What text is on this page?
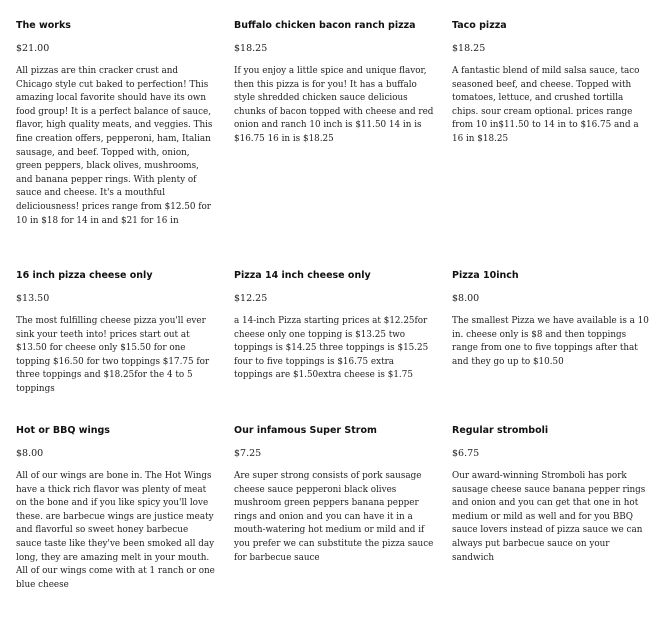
The works
$21.00
All pizzas are thin cracker crust and Chicago style cut baked to perfection! This amazing local favorite should have its own food group! It is a perfect balance of sauce, flavor, high quality meats, and veggies. This fine creation offers, pepperoni, ham, Italian sausage, and beef. Topped with, onion, green peppers, black olives, mushrooms, and banana pepper rings. With plenty of sauce and cheese. It's a mouthful deliciousness! prices range from $12.50 for 10 in $18 for 14 in and $21 for 16 in
Buffalo chicken bacon ranch pizza
$18.25
If you enjoy a little spice and unique flavor, then this pizza is for you! It has a buffalo style shredded chicken sauce delicious chunks of bacon topped with cheese and red onion and ranch 10 inch is $11.50 14 in is $16.75 16 in is $18.25
Taco pizza
$18.25
A fantastic blend of mild salsa sauce, taco seasoned beef, and cheese. Topped with tomatoes, lettuce, and crushed tortilla chips. sour cream optional. prices range from 10 in$11.50 to 14 in to $16.75 and a 16 in $18.25
16 inch pizza cheese only
$13.50
The most fulfilling cheese pizza you'll ever sink your teeth into! prices start out at $13.50 for cheese only $15.50 for one topping $16.50 for two toppings $17.75 for three toppings and $18.25for the 4 to 5 toppings
Pizza 14 inch cheese only
$12.25
a 14-inch Pizza starting prices at $12.25for cheese only one topping is $13.25 two toppings is $14.25 three toppings is $15.25 four to five toppings is $16.75 extra toppings are $1.50extra cheese is $1.75
Pizza 10inch
$8.00
The smallest Pizza we have available is a 10 in. cheese only is $8 and then toppings range from one to five toppings after that and they go up to $10.50
Hot or BBQ wings
$8.00
All of our wings are bone in. The Hot Wings have a thick rich flavor was plenty of meat on the bone and if you like spicy you'll love these. are barbecue wings are justice meaty and flavorful so sweet honey barbecue sauce taste like they've been smoked all day long, they are amazing melt in your mouth. All of our wings come with at 1 ranch or one blue cheese
Our infamous Super Strom
$7.25
Are super strong consists of pork sausage cheese sauce pepperoni black olives mushroom green peppers banana pepper rings and onion and you can have it in a mouth-watering hot medium or mild and if you prefer we can substitute the pizza sauce for barbecue sauce
Regular stromboli
$6.75
Our award-winning Stromboli has pork sausage cheese sauce banana pepper rings and onion and you can get that one in hot medium or mild as well and for you BBQ sauce lovers instead of pizza sauce we can always put barbecue sauce on your sandwich
